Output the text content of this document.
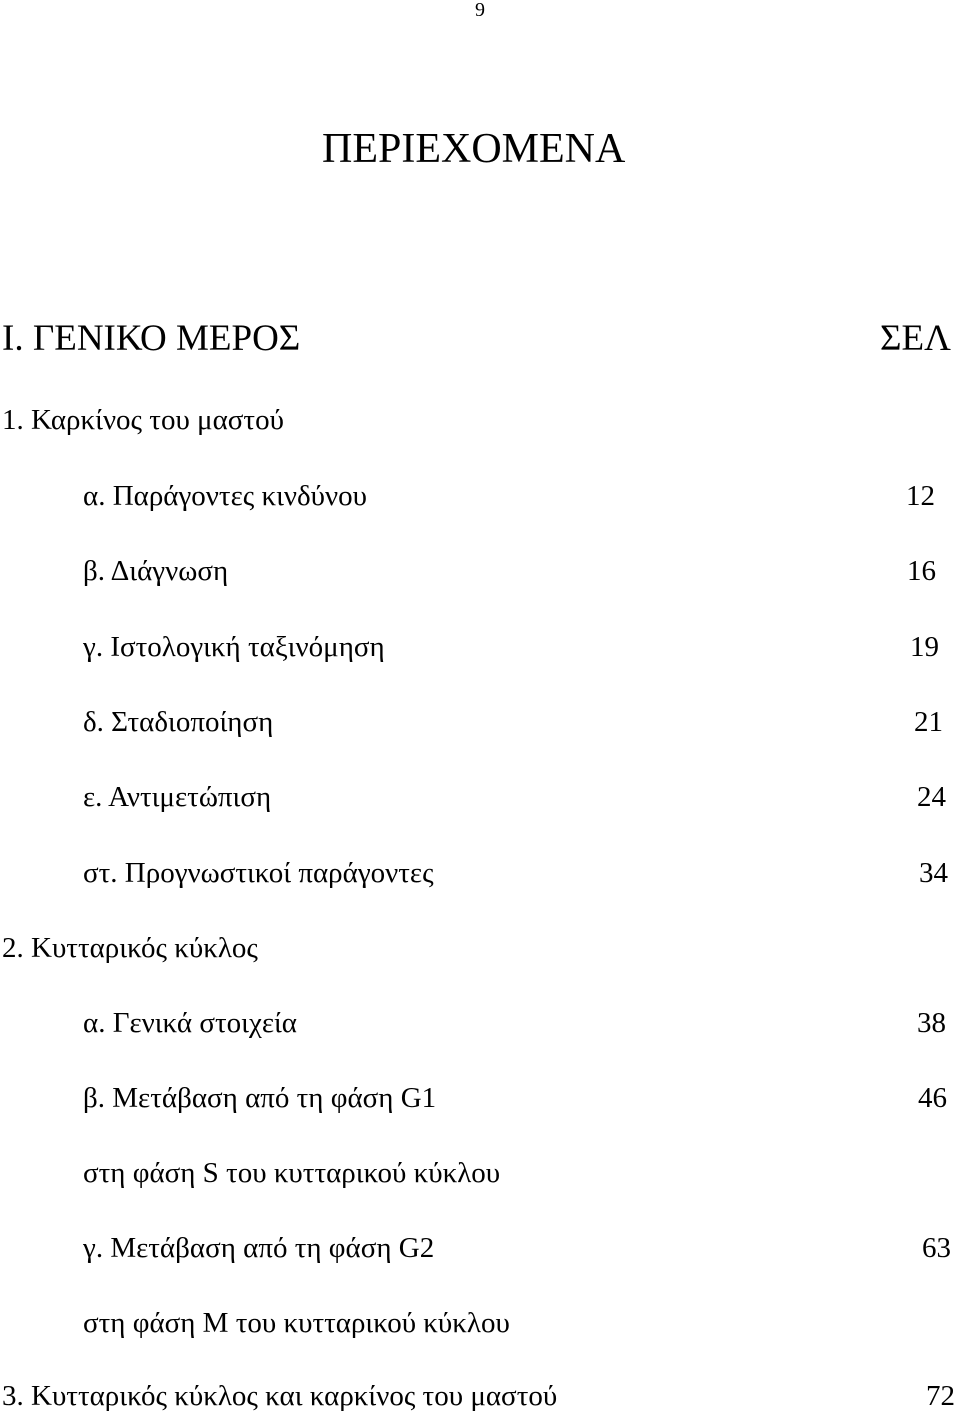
9
ΠΕΡΙΕΧΟΜΕΝΑ
Ι. ΓΕΝΙΚΟ ΜΕΡΟΣ	ΣΕΛ
1. Καρκίνος του μαστού
α. Παράγοντες κινδύνου	12
β. Διάγνωση	16
γ. Ιστολογική ταξινόμηση	19
δ. Σταδιοποίηση	21
ε. Αντιμετώπιση	24
στ. Προγνωστικοί παράγοντες	34
2. Κυτταρικός κύκλος
α. Γενικά στοιχεία	38
β. Μετάβαση από τη φάση G1	46
στη φάση S του κυτταρικού κύκλου
γ. Μετάβαση από τη φάση G2	63
στη φάση Μ του κυτταρικού κύκλου
3. Κυτταρικός κύκλος και καρκίνος του μαστού	72
